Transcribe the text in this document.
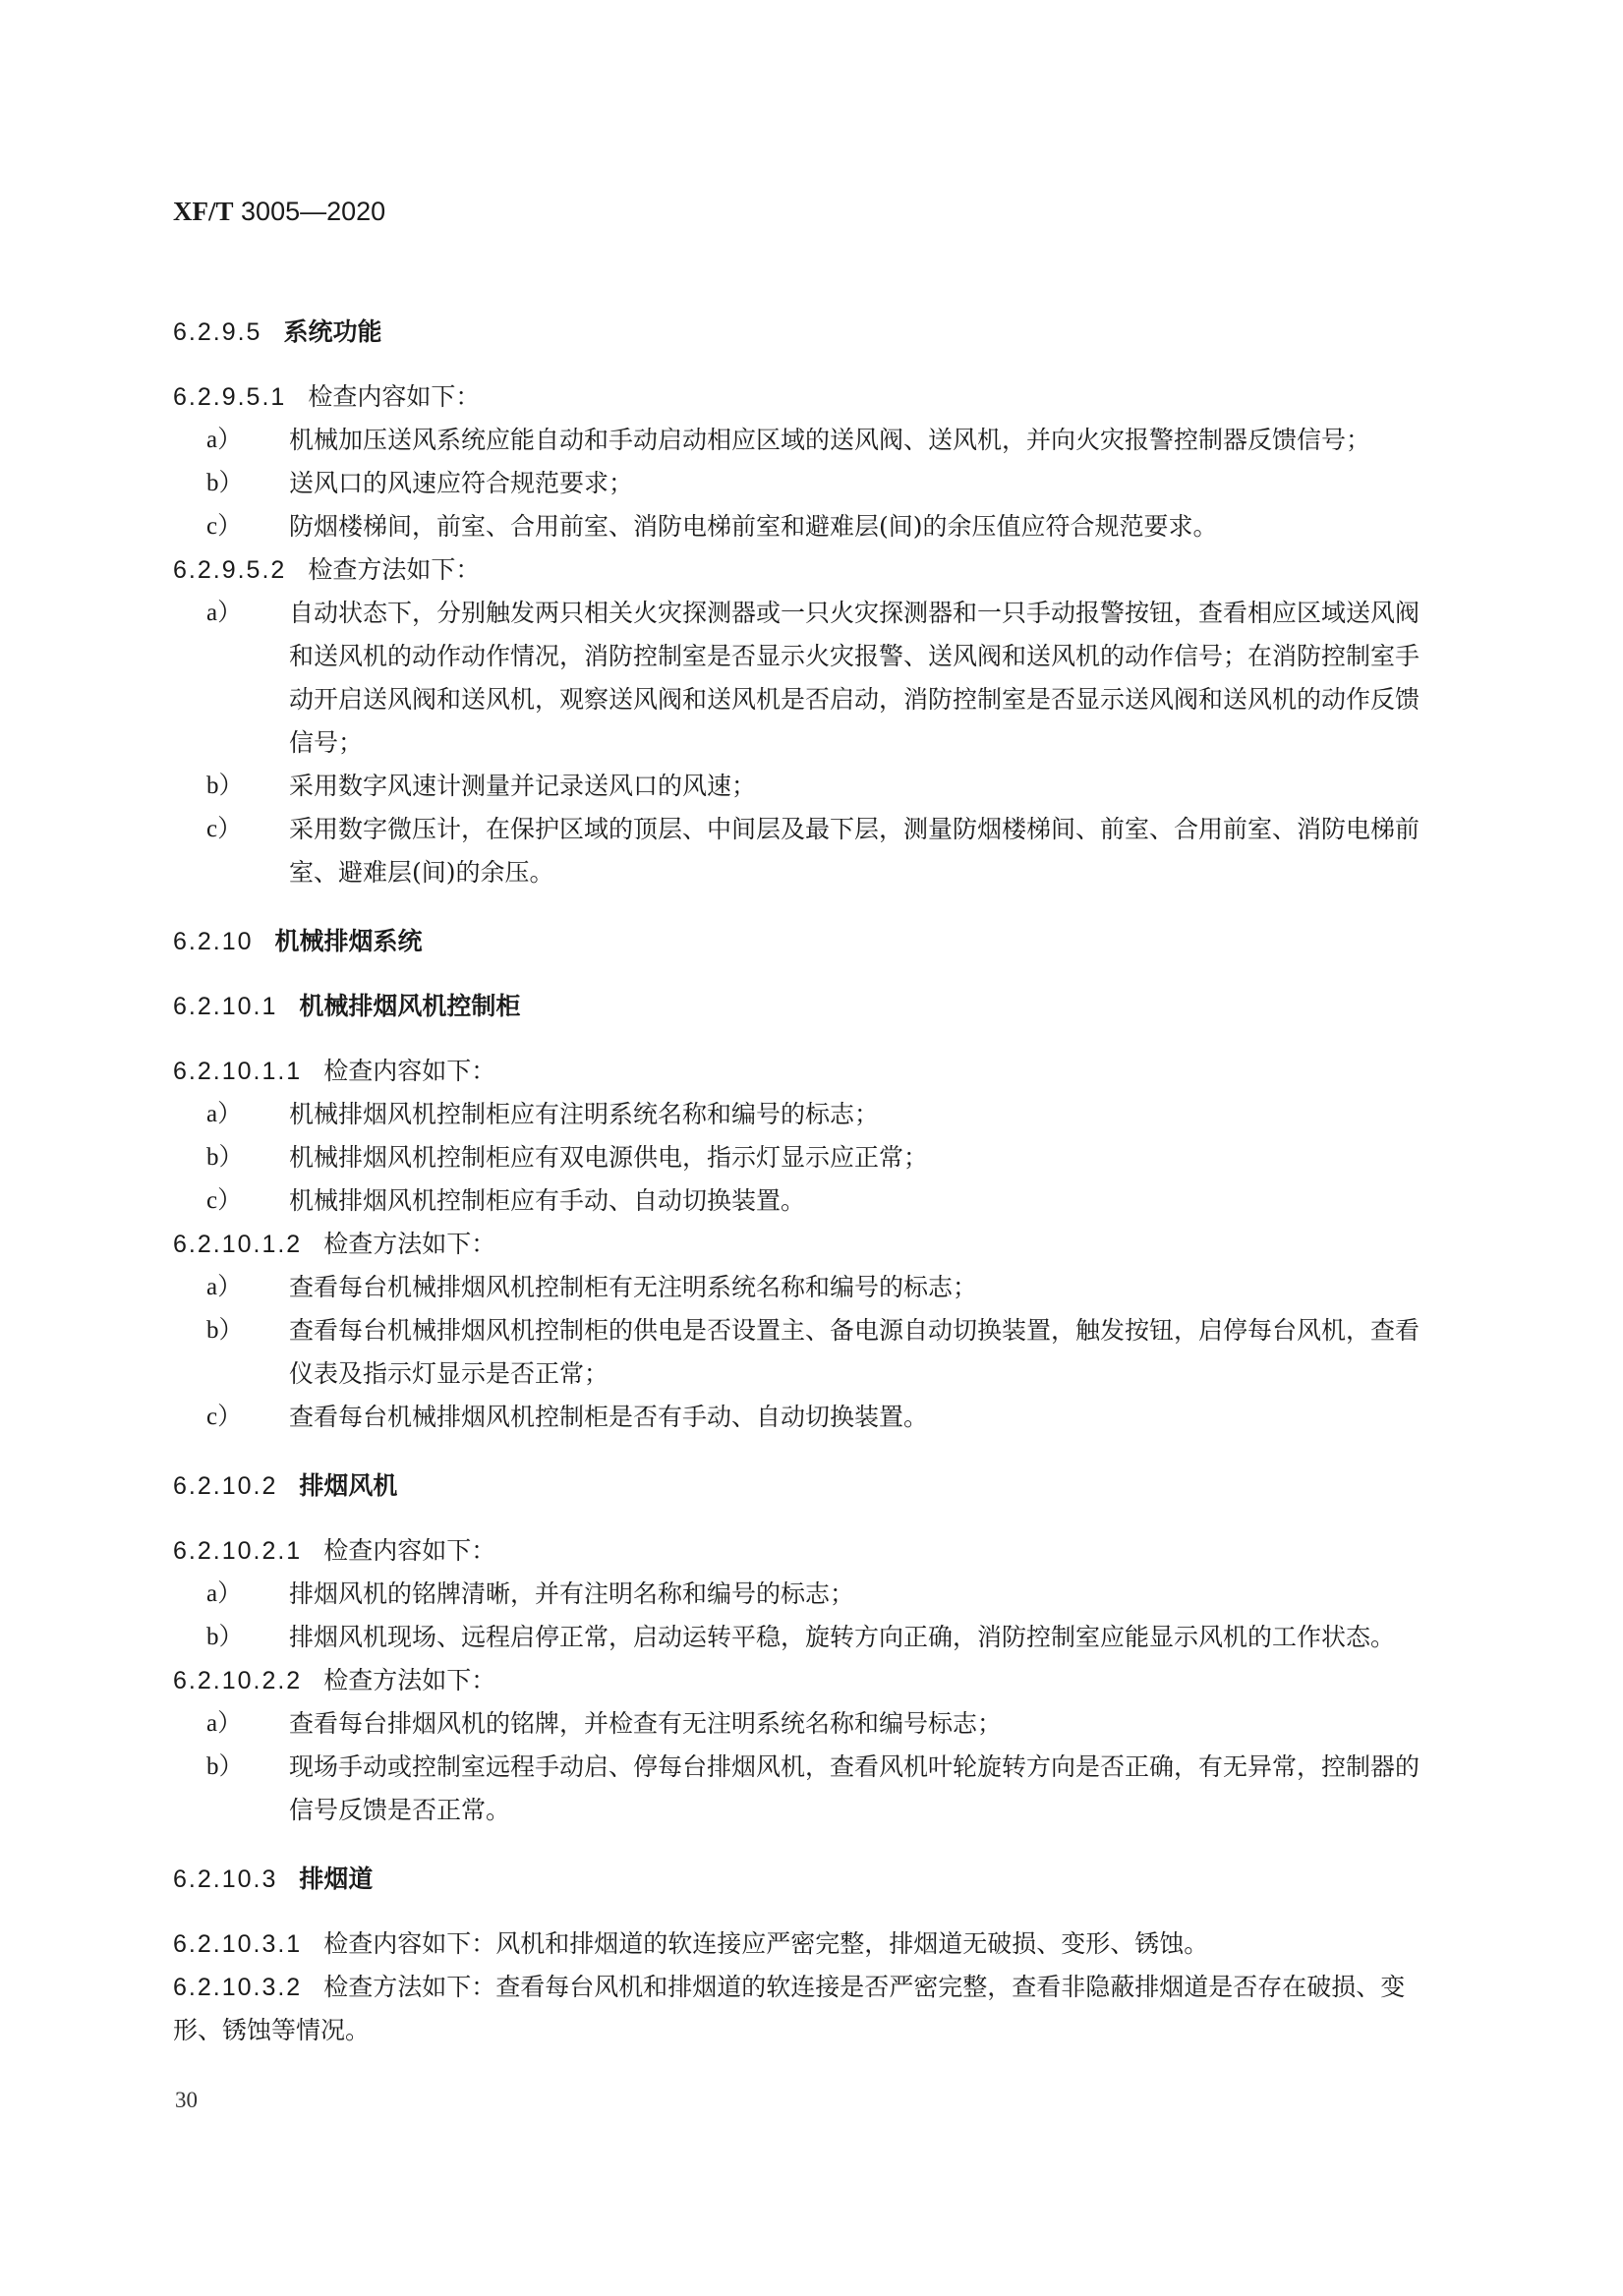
XF/T 3005—2020
6.2.9.5 系统功能
6.2.9.5.1 检查内容如下：
a） 机械加压送风系统应能自动和手动启动相应区域的送风阀、送风机，并向火灾报警控制器反馈信号；
b） 送风口的风速应符合规范要求；
c） 防烟楼梯间，前室、合用前室、消防电梯前室和避难层(间)的余压值应符合规范要求。
6.2.9.5.2 检查方法如下：
a） 自动状态下，分别触发两只相关火灾探测器或一只火灾探测器和一只手动报警按钮，查看相应区域送风阀和送风机的动作动作情况，消防控制室是否显示火灾报警、送风阀和送风机的动作信号；在消防控制室手动开启送风阀和送风机，观察送风阀和送风机是否启动，消防控制室是否显示送风阀和送风机的动作反馈信号；
b） 采用数字风速计测量并记录送风口的风速；
c） 采用数字微压计，在保护区域的顶层、中间层及最下层，测量防烟楼梯间、前室、合用前室、消防电梯前室、避难层(间)的余压。
6.2.10 机械排烟系统
6.2.10.1 机械排烟风机控制柜
6.2.10.1.1 检查内容如下：
a） 机械排烟风机控制柜应有注明系统名称和编号的标志；
b） 机械排烟风机控制柜应有双电源供电，指示灯显示应正常；
c） 机械排烟风机控制柜应有手动、自动切换装置。
6.2.10.1.2 检查方法如下：
a） 查看每台机械排烟风机控制柜有无注明系统名称和编号的标志；
b） 查看每台机械排烟风机控制柜的供电是否设置主、备电源自动切换装置，触发按钮，启停每台风机，查看仪表及指示灯显示是否正常；
c） 查看每台机械排烟风机控制柜是否有手动、自动切换装置。
6.2.10.2 排烟风机
6.2.10.2.1 检查内容如下：
a） 排烟风机的铭牌清晰，并有注明名称和编号的标志；
b） 排烟风机现场、远程启停正常，启动运转平稳，旋转方向正确，消防控制室应能显示风机的工作状态。
6.2.10.2.2 检查方法如下：
a） 查看每台排烟风机的铭牌，并检查有无注明系统名称和编号标志；
b） 现场手动或控制室远程手动启、停每台排烟风机，查看风机叶轮旋转方向是否正确，有无异常，控制器的信号反馈是否正常。
6.2.10.3 排烟道
6.2.10.3.1 检查内容如下：风机和排烟道的软连接应严密完整，排烟道无破损、变形、锈蚀。
6.2.10.3.2 检查方法如下：查看每台风机和排烟道的软连接是否严密完整，查看非隐蔽排烟道是否存在破损、变形、锈蚀等情况。
30
